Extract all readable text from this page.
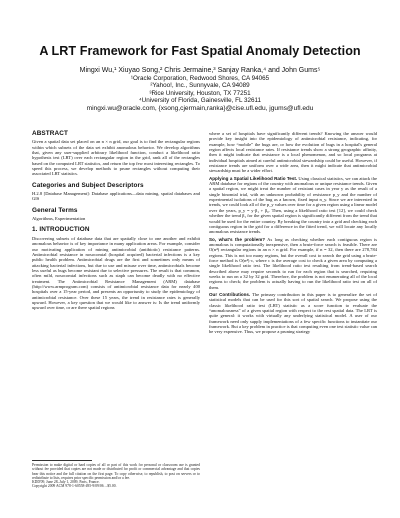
A LRT Framework for Fast Spatial Anomaly Detection
Mingxi Wu,¹ Xiuyao Song,² Chris Jermaine,³ Sanjay Ranka,⁴ and John Gums⁵
¹Oracle Corporation, Redwood Shores, CA 94065
²Yahoo!, Inc., Sunnyvale, CA 94089
³Rice University, Houston, TX 77251
⁴University of Florida, Gainesville, FL 32611
mingxi.wu@oracle.com, {xsong,cjermain,ranka}@cise.ufl.edu, jgums@ufl.edu
ABSTRACT

Given a spatial data set placed on an n × n grid, our goal is to find the rectangular regions within which subsets of the data set exhibit anomalous behavior. We develop algorithms that, given any user-supplied arbitrary likelihood function, conduct a likelihood ratio hypothesis test (LRT) over each rectangular region in the grid, rank all of the rectangles based on the computed LRT statistics, and return the top few most interesting rectangles. To speed this process, we develop methods to prune rectangles without computing their associated LRT statistics.

Categories and Subject Descriptors

H.2.8 [Database Management]: Database applications—data mining, spatial databases and GIS

General Terms

Algorithms, Experimentation

1. INTRODUCTION

Discovering subsets of database data that are spatially close to one another and exhibit anomalous behavior is of key importance in many application areas. For example, consider our motivating application of mining antimicrobial (antibiotic) resistance patterns. Antimicrobial resistance in nosocomial (hospital acquired) bacterial infections is a key public health problem. Antimicrobial drugs are the first and sometimes only means of attacking bacterial infections, but due to use and misuse over time, antimicrobials become less useful as bugs become resistant due to selective pressures. The result is that common, often mild, nosocomial infections such as staph can become deadly with no effective treatment. The Antimicrobial Resistance Management (ARM) database (http://www.armprogram.com) consists of antimicrobial resistance data for nearly 400 hospitals over a 15-year period, and presents an opportunity to study the epidemiology of antimicrobial resistance. Over these 15 years, the trend in resistance rates is generally upward. However, a key question that we would like to answer is: Is the trend uniformly upward over time, or are there spatial regions

Permission to make digital or hard copies of all or part of this work for personal or classroom use is granted without fee provided that copies are not made or distributed for profit or commercial advantage and that copies bear this notice and the full citation on the first page. To copy otherwise, to republish, to post on servers or to redistribute to lists, requires prior specific permission and/or a fee.
KDD'09, June 28–July 1, 2009, Paris, France.
Copyright 2009 ACM 978-1-60558-495-9/09/06 ...$5.00.

where a set of hospitals have significantly different trends? Knowing the answer would provide key insight into the epidemiology of antimicrobial resistance, indicating, for example, how “mobile” the bugs are, or how the evolution of bugs in a hospital's general region affects local resistance rates. If resistance trends show a strong geographic affinity, then it might indicate that resistance is a local phenomenon, and so local programs at individual hospitals aimed at careful antimicrobial stewardship could be useful. However, if resistance trends are uniform over a wide area, then it might indicate that antimicrobial stewardship must be a wider effort.

Applying a Spatial Likelihood Ratio Test. Using classical statistics, we can attack the ARM database for regions of the country with anomalous or unique resistance trends. Given a spatial region, we might treat the number of resistant cases in year y as the result of a single binomial trial, with an unknown probability of resistance p_y and the number of experimental isolations of the bug as a known, fixed input n_y. Since we are interested in trends, we could look all of the p_y values over time for a given region using a linear model over the years, p_y = y·β₁ + β₀. Then, using a likelihood ratio test [12], we could check whether the trend β₁ for the given spatial region is significantly different from the trend that would be used for the entire country. By breaking the country into a grid and checking each contiguous region in the grid for a difference in the fitted trend, we will locate any locally anomalous resistance trends.

So, what's the problem? As long as checking whether each contiguous region is anomalous is computationally inexpensive, then a brute-force search is feasible. There are O(n⁴) rectangular regions in an n × n grid. For example, if n = 32, then there are 278,784 regions. This is not too many regions, but the overall cost to search the grid using a brute-force method is O(n⁴)·c, where c is the average cost to check a given area by computing a single likelihood ratio test. The likelihood ratio test resulting from trend-based search described above may require seconds to run for each region that is searched, requiring weeks to run on a 32 by 32 grid. Therefore, the problem is not enumerating all of the local regions to check; the problem is actually having to run the likelihood ratio test on all of them.

Our Contributions. The primary contribution in this paper is to generalize the set of statistical models that can be used for this sort of spatial search. We propose using the classic likelihood ratio test (LRT) statistic as a score function to evaluate the “anomalousness” of a given spatial region with respect to the rest spatial data. The LRT is quite general: it works with virtually any underlying statistical model. A user of our framework need only supply implementations of a few specific functions to instantiate our framework. But a key problem in practice is that computing even one test statistic value can be very expensive. Thus, we propose a pruning strategy
